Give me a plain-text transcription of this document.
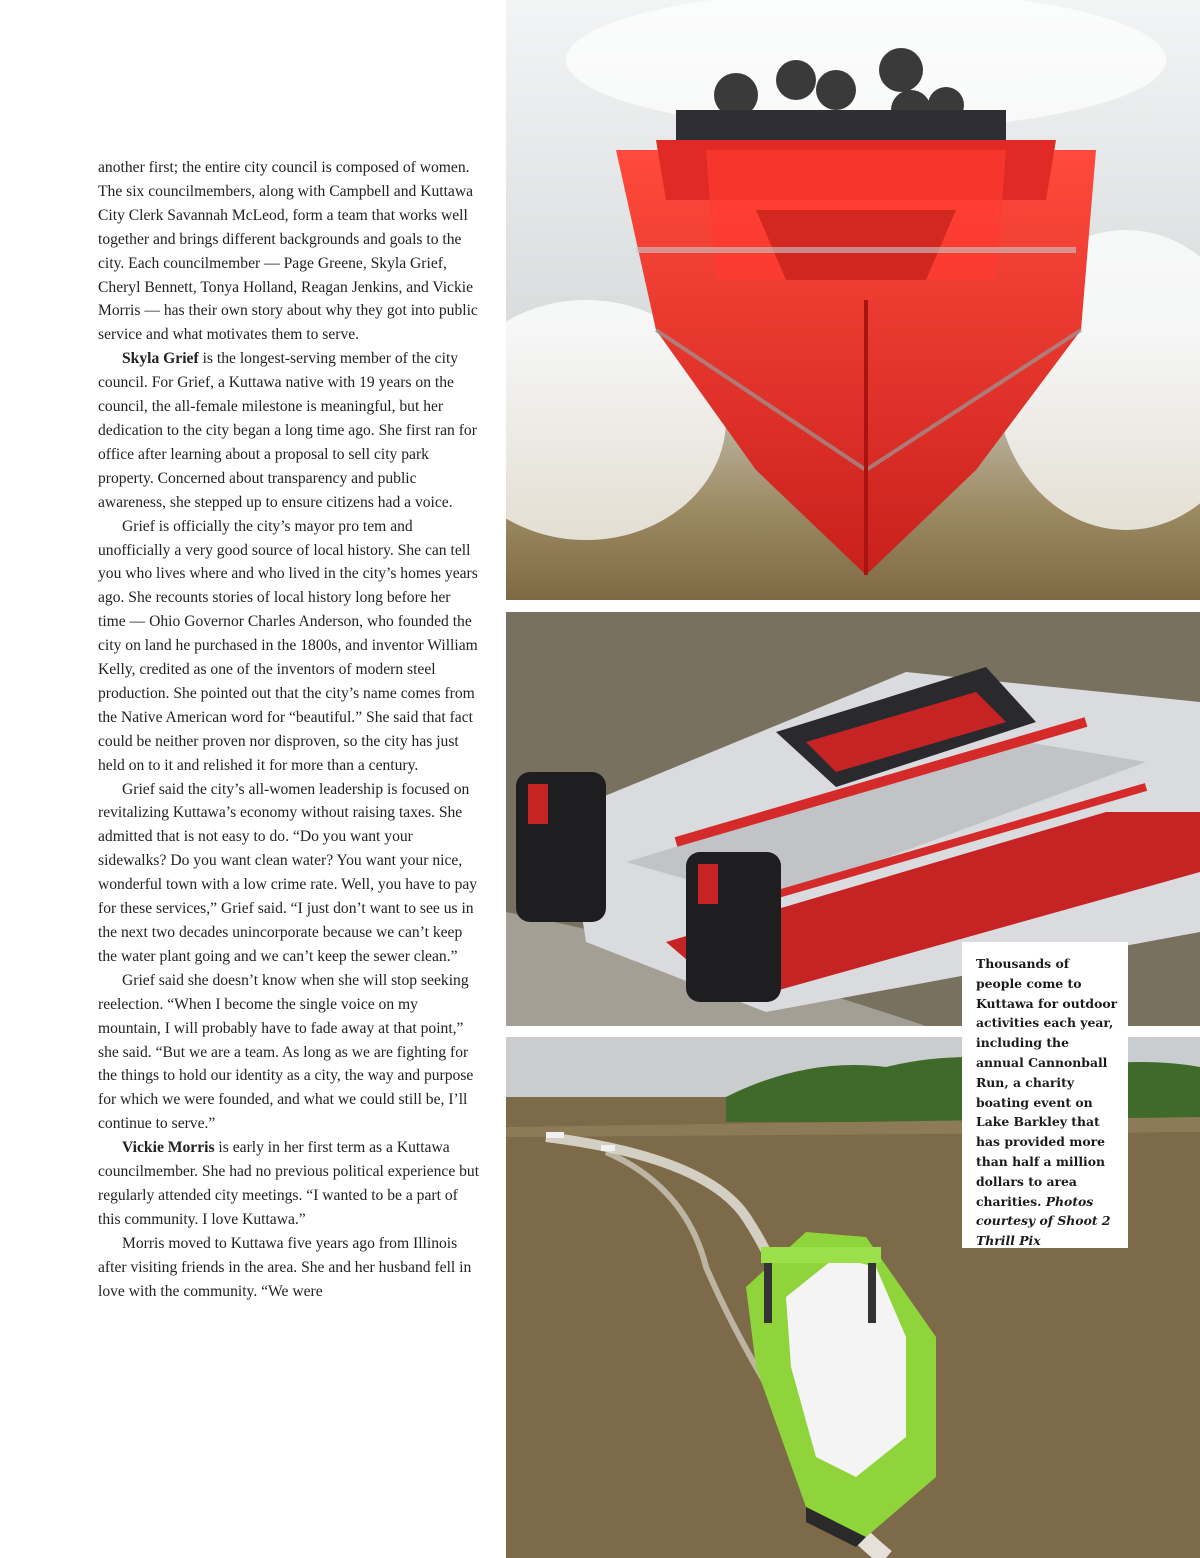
another first; the entire city council is composed of women. The six councilmembers, along with Campbell and Kuttawa City Clerk Savannah McLeod, form a team that works well together and brings different backgrounds and goals to the city. Each councilmember — Page Greene, Skyla Grief, Cheryl Bennett, Tonya Holland, Reagan Jenkins, and Vickie Morris — has their own story about why they got into public service and what motivates them to serve.

Skyla Grief is the longest-serving member of the city council. For Grief, a Kuttawa native with 19 years on the council, the all-female milestone is meaningful, but her dedication to the city began a long time ago. She first ran for office after learning about a proposal to sell city park property. Concerned about transparency and public awareness, she stepped up to ensure citizens had a voice.

Grief is officially the city’s mayor pro tem and unofficially a very good source of local history. She can tell you who lives where and who lived in the city’s homes years ago. She recounts stories of local history long before her time — Ohio Governor Charles Anderson, who founded the city on land he purchased in the 1800s, and inventor William Kelly, credited as one of the inventors of modern steel production. She pointed out that the city’s name comes from the Native American word for “beautiful.” She said that fact could be neither proven nor disproven, so the city has just held on to it and relished it for more than a century.

Grief said the city’s all-women leadership is focused on revitalizing Kuttawa’s economy without raising taxes. She admitted that is not easy to do. “Do you want your sidewalks? Do you want clean water? You want your nice, wonderful town with a low crime rate. Well, you have to pay for these services,” Grief said. “I just don’t want to see us in the next two decades unincorporate because we can’t keep the water plant going and we can’t keep the sewer clean.”

Grief said she doesn’t know when she will stop seeking reelection. “When I become the single voice on my mountain, I will probably have to fade away at that point,” she said. “But we are a team. As long as we are fighting for the things to hold our identity as a city, the way and purpose for which we were founded, and what we could still be, I’ll continue to serve.”

Vickie Morris is early in her first term as a Kuttawa councilmember. She had no previous political experience but regularly attended city meetings. “I wanted to be a part of this community. I love Kuttawa.”

Morris moved to Kuttawa five years ago from Illinois after visiting friends in the area. She and her husband fell in love with the community. “We were

Thousands of people come to Kuttawa for outdoor activities each year, including the annual Cannonball Run, a charity boating event on Lake Barkley that has provided more than half a million dollars to area charities. Photos courtesy of Shoot 2 Thrill Pix
